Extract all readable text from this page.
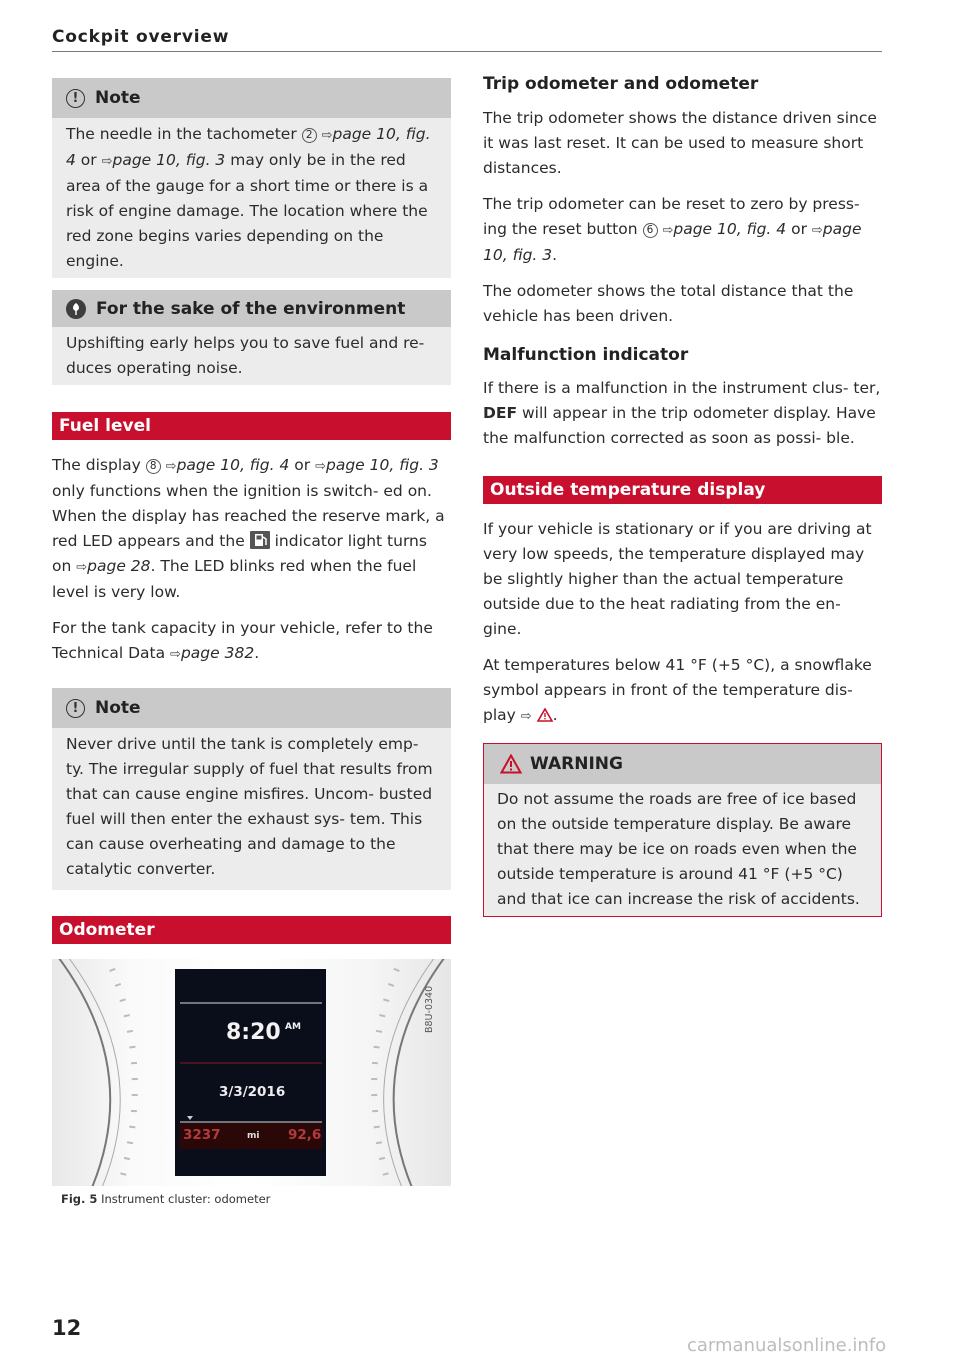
Cockpit overview
! Note

The needle in the tachometer 2 ⇨page 10, fig. 4 or ⇨page 10, fig. 3 may only be in the red area of the gauge for a short time or there is a risk of engine damage. The location where the red zone begins varies depending on the engine.

For the sake of the environment

Upshifting early helps you to save fuel and re- duces operating noise.

Fuel level

The display 8 ⇨page 10, fig. 4 or ⇨page 10, fig. 3 only functions when the ignition is switch- ed on. When the display has reached the reserve mark, a red LED appears and the  indicator light turns on ⇨page 28. The LED blinks red when the fuel level is very low.

For the tank capacity in your vehicle, refer to the Technical Data ⇨page 382.

! Note

Never drive until the tank is completely emp- ty. The irregular supply of fuel that results from that can cause engine misfires. Uncom- busted fuel will then enter the exhaust sys- tem. This can cause overheating and damage to the catalytic converter.

Odometer
8:20 AM
3/3/2016
3237	mi 92,6
B8U-0340
Fig. 5 Instrument cluster: odometer
Trip odometer and odometer

The trip odometer shows the distance driven since it was last reset. It can be used to measure short distances.

The trip odometer can be reset to zero by press- ing the reset button 6 ⇨page 10, fig. 4 or ⇨page 10, fig. 3.

The odometer shows the total distance that the vehicle has been driven.

Malfunction indicator

If there is a malfunction in the instrument clus- ter, DEF will appear in the trip odometer display. Have the malfunction corrected as soon as possi- ble.

Outside temperature display

If your vehicle is stationary or if you are driving at very low speeds, the temperature displayed may be slightly higher than the actual temperature outside due to the heat radiating from the en- gine.

At temperatures below 41 °F (+5 °C), a snowflake symbol appears in front of the temperature dis- play ⇨ .

WARNING

Do not assume the roads are free of ice based on the outside temperature display. Be aware that there may be ice on roads even when the outside temperature is around 41 °F (+5 °C) and that ice can increase the risk of accidents.

12
carmanualsonline.info
